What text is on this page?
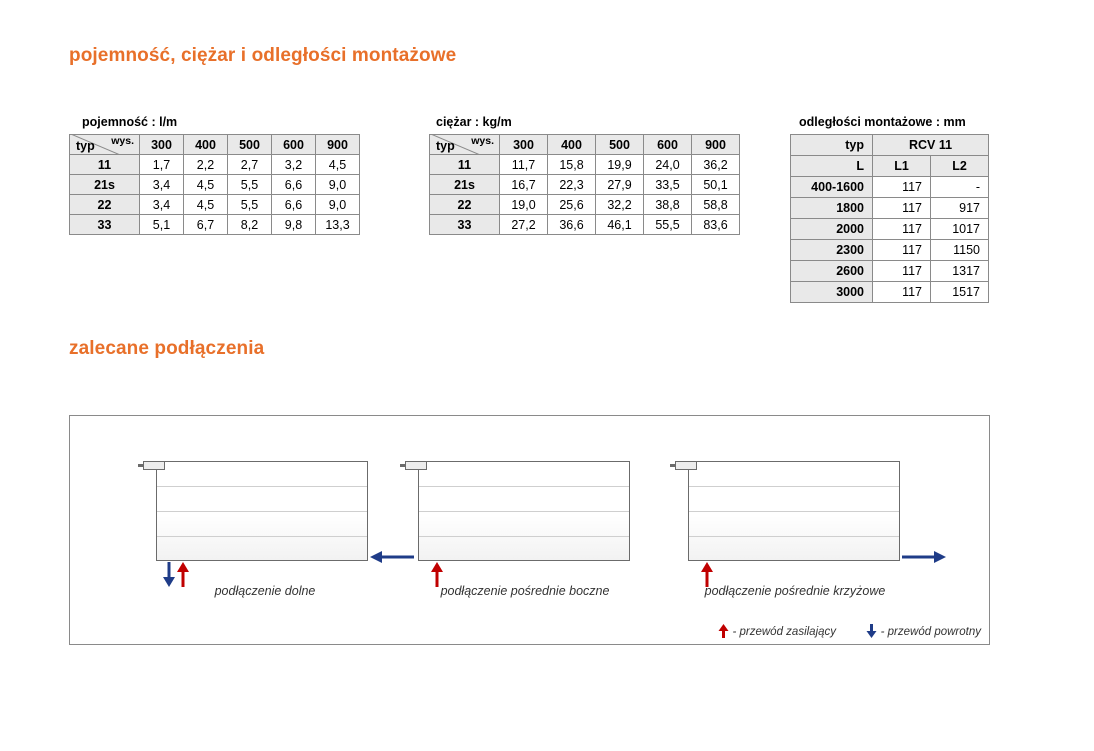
pojemność, ciężar i odległości montażowe
pojemność : l/m	ciężar : kg/m	odległości montażowe : mm
wys.
typ	300	400	500	600	900
11	1,7	2,2	2,7	3,2	4,5
21s	3,4	4,5	5,5	6,6	9,0
22	3,4	4,5	5,5	6,6	9,0
33	5,1	6,7	8,2	9,8	13,3
wys.
typ	300	400	500	600	900
11	11,7	15,8	19,9	24,0	36,2
21s	16,7	22,3	27,9	33,5	50,1
22	19,0	25,6	32,2	38,8	58,8
33	27,2	36,6	46,1	55,5	83,6
typ	RCV 11	
L	L1	L2
400-1600	117	-
1800	117	917
2000	117	1017
2300	117	1150
2600	117	1317
3000	117	1517
zalecane podłączenia
podłączenie dolne	podłączenie pośrednie boczne	podłączenie pośrednie krzyżowe
- przewód zasilający	- przewód powrotny
